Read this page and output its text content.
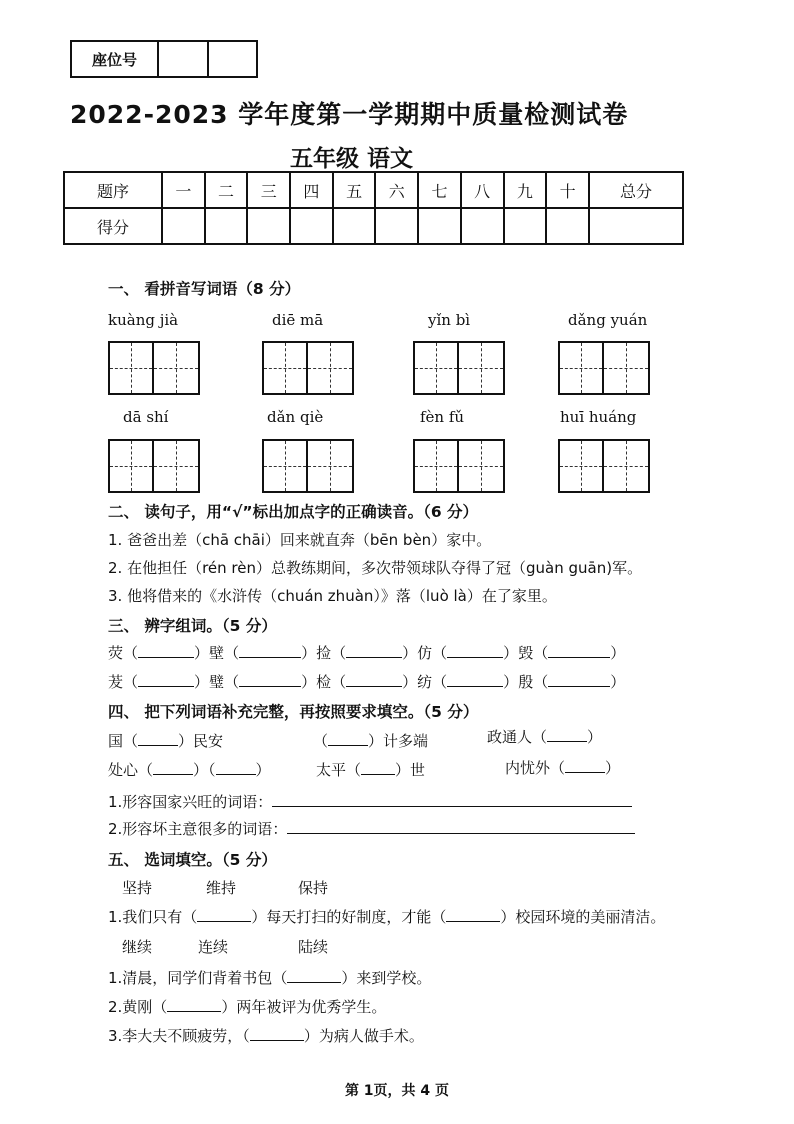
座位号
2022-2023 学年度第一学期期中质量检测试卷
五年级 语文
题序	一	二	三	四	五	六	七	八	九	十	总分
得分											
一、 看拼音写词语（8 分）
kuàng jià	diē mā	yǐn bì	dǎng yuán
dā shí	dǎn qiè	fèn fǔ	huī huáng
二、 读句子，用“√”标出加点字的正确读音。（6 分）
1. 爸爸出差（chā chāi）回来就直奔（bēn bèn）家中。
2. 在他担任（rén rèn）总教练期间，多次带领球队夺得了冠（guàn guān)军。
3. 他将借来的《水浒传（chuán zhuàn）》落（luò là）在了家里。
三、 辨字组词。（5 分）
荧（	）壁（	）捡（	）仿（	）毁（	）
茇（	）璧（	）检（	）纺（	）殷（	）
四、 把下列词语补充完整，再按照要求填空。（5 分）
国（	）民安	（	）计多端	政通人（	）
处心（	）（	）	太平（ ）世	内忧外（	）
1.形容国家兴旺的词语：
2.形容坏主意很多的词语：
五、 选词填空。（5 分）
坚持	维持	保持
1.我们只有（	）每天打扫的好制度，才能（	）校园环境的美丽清洁。
继续	连续	陆续
1.清晨，同学们背着书包（	）来到学校。
2.黄刚（	）两年被评为优秀学生。
3.李大夫不顾疲劳，（	）为病人做手术。
第 1页，共 4 页
